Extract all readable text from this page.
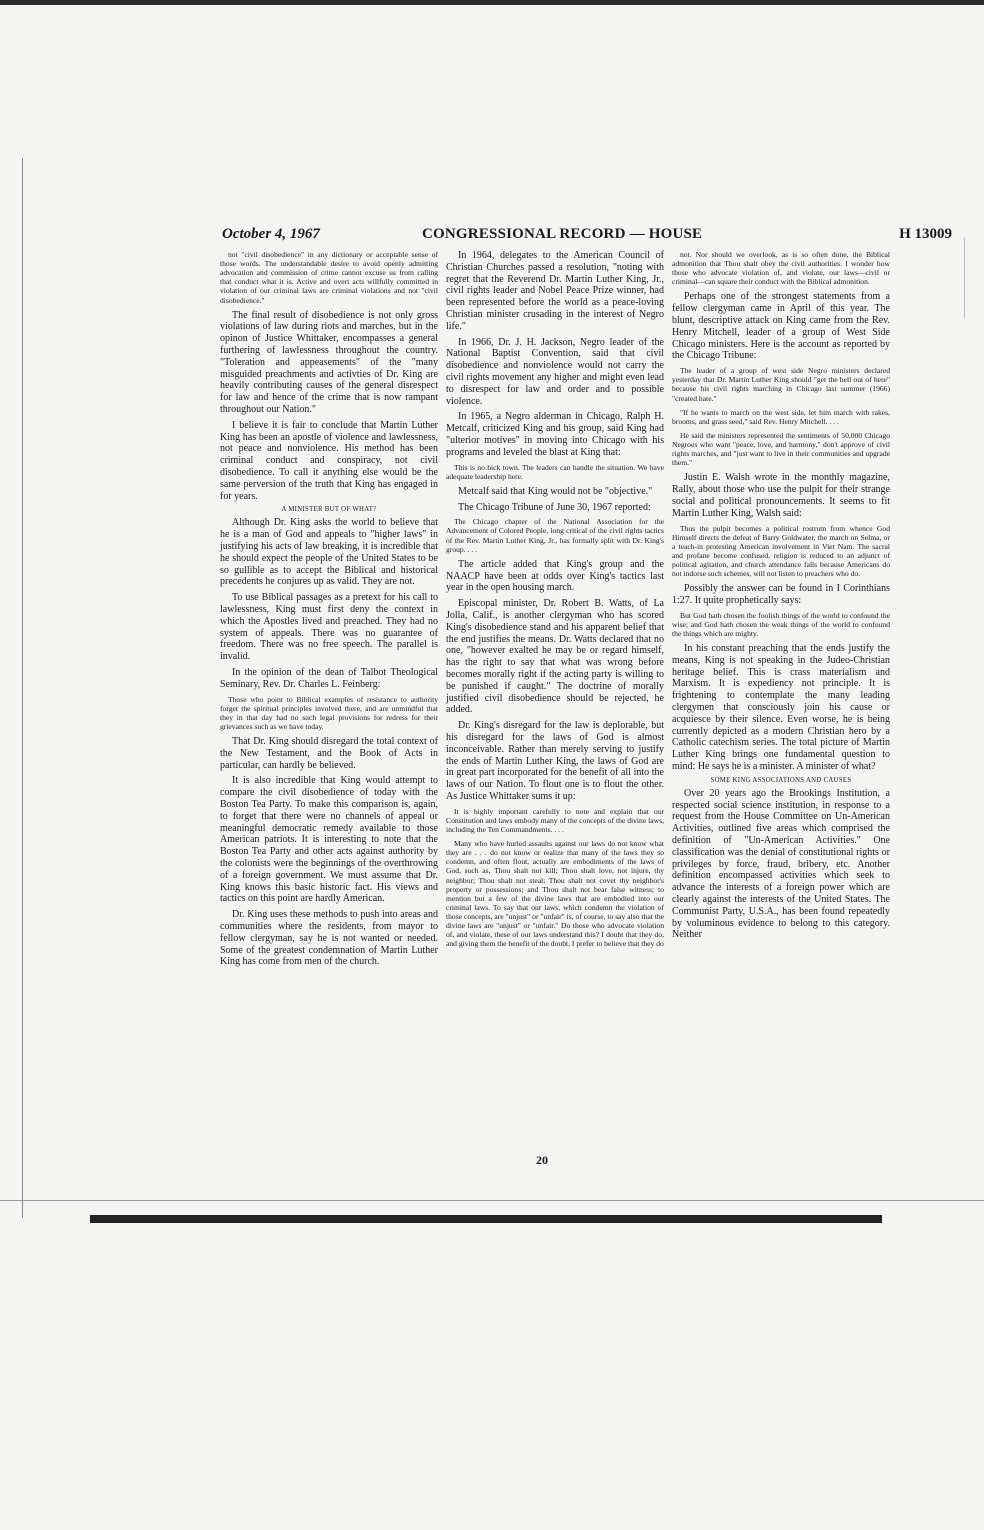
October 4, 1967	CONGRESSIONAL RECORD — HOUSE	H 13009

not "civil disobedience" in any dictionary or acceptable sense of those words. The understandable desire to avoid openly admitting advocation and commission of crime cannot excuse us from calling that conduct what it is. Active and overt acts willfully committed in violation of our criminal laws are criminal violations and not "civil disobedience."

The final result of disobedience is not only gross violations of law during riots and marches, but in the opinon of Justice Whittaker, encompasses a general furthering of lawlessness throughout the country. "Toleration and appeasements" of the "many misguided preachments and activties of Dr. King are heavily contributing causes of the general disrespect for law and hence of the crime that is now rampant throughout our Nation."

I believe it is fair to conclude that Martin Luther King has been an apostle of violence and lawlessness, not peace and nonviolence. His method has been criminal conduct and conspiracy, not civil disobedience. To call it anything else would be the same perversion of the truth that King has engaged in for years.

A MINISTER BUT OF WHAT?

Although Dr. King asks the world to believe that he is a man of God and appeals to "higher laws" in justifying his acts of law breaking, it is incredible that he should expect the people of the United States to be so gullible as to accept the Biblical and historical precedents he conjures up as valid. They are not.

To use Biblical passages as a pretext for his call to lawlessness, King must first deny the context in which the Apostles lived and preached. They had no system of appeals. There was no guarantee of freedom. There was no free speech. The parallel is invalid.

In the opinion of the dean of Talbot Theological Seminary, Rev. Dr. Charles L. Feinberg:

Those who point to Biblical examples of resistance to authority forget the spiritual principles involved there, and are unmindful that they in that day had no such legal provisions for redress for their grievances such as we have today.

That Dr. King should disregard the total context of the New Testament, and the Book of Acts in particular, can hardly be believed.

It is also incredible that King would attempt to compare the civil disobedience of today with the Boston Tea Party. To make this comparison is, again, to forget that there were no channels of appeal or meaningful democratic remedy available to those American patriots. It is interesting to note that the Boston Tea Party and other acts against authority by the colonists were the beginnings of the overthrowing of a foreign government. We must assume that Dr. King knows this basic historic fact. His views and tactics on this point are hardly American.

Dr. King uses these methods to push into areas and communities where the residents, from mayor to fellow clergyman, say he is not wanted or needed. Some of the greatest condemnation of Martin Luther King has come from men of the church.

In 1964, delegates to the American Council of Christian Churches passed a resolution, "noting with regret that the Reverend Dr. Martin Luther King, Jr., civil rights leader and Nobel Peace Prize winner, had been represented before the world as a peace-loving Christian minister crusading in the interest of Negro life."

In 1966, Dr. J. H. Jackson, Negro leader of the National Baptist Convention, said that civil disobedience and nonviolence would not carry the civil rights movement any higher and might even lead to disrespect for law and order and to possible violence.

In 1965, a Negro alderman in Chicago, Ralph H. Metcalf, criticized King and his group, said King had "ulterior motives" in moving into Chicago with his programs and leveled the blast at King that:

This is no hick town. The leaders can handle the situation. We have adequate leadership here.

Metcalf said that King would not be "objective."

The Chicago Tribune of June 30, 1967 reported:

The Chicago chapter of the National Association for the Advancement of Colored People, long critical of the civil rights tactics of the Rev. Martin Luther King, Jr., has formally split with Dr. King's group. . . .

The article added that King's group and the NAACP have been at odds over King's tactics last year in the open housing march.

Episcopal minister, Dr. Robert B. Watts, of La Jolla, Calif., is another clergyman who has scored King's disobedience stand and his apparent belief that the end justifies the means. Dr. Watts declared that no one, "however exalted he may be or regard himself, has the right to say that what was wrong before becomes morally right if the acting party is willing to be punished if caught." The doctrine of morally justified civil disobedience should be rejected, he added.

Dr. King's disregard for the law is deplorable, but his disregard for the laws of God is almost inconceivable. Rather than merely serving to justify the ends of Martin Luther King, the laws of God are in great part incorporated for the benefit of all into the laws of our Nation. To flout one is to flout the other. As Justice Whittaker sums it up:

It is highly important carefully to note and explain that our Constitution and laws embody many of the concepts of the divine laws, including the Ten Commandments. . . .

Many who have hurled assaults against our laws do not know what they are . . . do not know or realize that many of the laws they so condemn, and often flout, actually are embodiments of the laws of God, such as, Thou shalt not kill; Thou shalt love, not injure, thy neighbor; Thou shalt not steal; Thou shalt not covet thy neighbor's property or possessions; and Thou shalt not bear false witness; to mention but a few of the divine laws that are embodied into our criminal laws. To say that our laws, which condemn the violation of those concepts, are "unjust" or "unfair" is, of course, to say also that the divine laws are "unjust" or "unfair." Do those who advocate violation of, and violate, these of our laws understand this? I doubt that they do, and giving them the benefit of the doubt, I prefer to believe that they do

not. Nor should we overlook, as is so often done, the Biblical admonition that Thou shalt obey the civil authorities. I wonder how those who advocate violation of, and violate, our laws—civil or criminal—can square their conduct with the Biblical admonition.

Perhaps one of the strongest statements from a fellow clergyman came in April of this year. The blunt, descriptive attack on King came from the Rev. Henry Mitchell, leader of a group of West Side Chicago ministers. Here is the account as reported by the Chicago Tribune:

The leader of a group of west side Negro ministers declared yesterday that Dr. Martin Luther King should "get the hell out of here" because his civil rights marching in Chicago last summer (1966) "created hate."

"If he wants to march on the west side, let him march with rakes, brooms, and grass seed," said Rev. Henry Mitchell. . . .

He said the ministers represented the sentiments of 50,000 Chicago Negroes who want "peace, love, and harmony," don't approve of civil rights marches, and "just want to live in their communities and upgrade them."

Justin E. Walsh wrote in the monthly magazine, Rally, about those who use the pulpit for their strange social and political pronouncements. It seems to fit Martin Luther King, Walsh said:

Thus the pulpit becomes a political rostrum from whence God Himself directs the defeat of Barry Goldwater, the march on Selma, or a teach-in protesting American involvement in Viet Nam. The sacral and profane become confused, religion is reduced to an adjunct of political agitation, and church attendance falls because Americans do not indorse such schemes, will not listen to preachers who do.

Possibly the answer can be found in I Corinthians 1:27. It quite prophetically says:

But God hath chosen the foolish things of the world to confound the wise; and God hath chosen the weak things of the world to confound the things which are mighty.

In his constant preaching that the ends justify the means, King is not speaking in the Judeo-Christian heritage belief. This is crass materialism and Marxism. It is expediency not principle. It is frightening to contemplate the many leading clergymen that consciously join his cause or acquiesce by their silence. Even worse, he is being currently depicted as a modern Christian hero by a Catholic catechism series. The total picture of Martin Luther King brings one fundamental question to mind: He says he is a minister. A minister of what?

SOME KING ASSOCIATIONS AND CAUSES

Over 20 years ago the Brookings Institution, a respected social science institution, in response to a request from the House Committee on Un-American Activities, outlined five areas which comprised the definition of "Un-American Activities." One classification was the denial of constitutional rights or privileges by force, fraud, bribery, etc. Another definition encompassed activities which seek to advance the interests of a foreign power which are clearly against the interests of the United States. The Communist Party, U.S.A., has been found repeatedly by voluminous evidence to belong to this category. Neither

20
